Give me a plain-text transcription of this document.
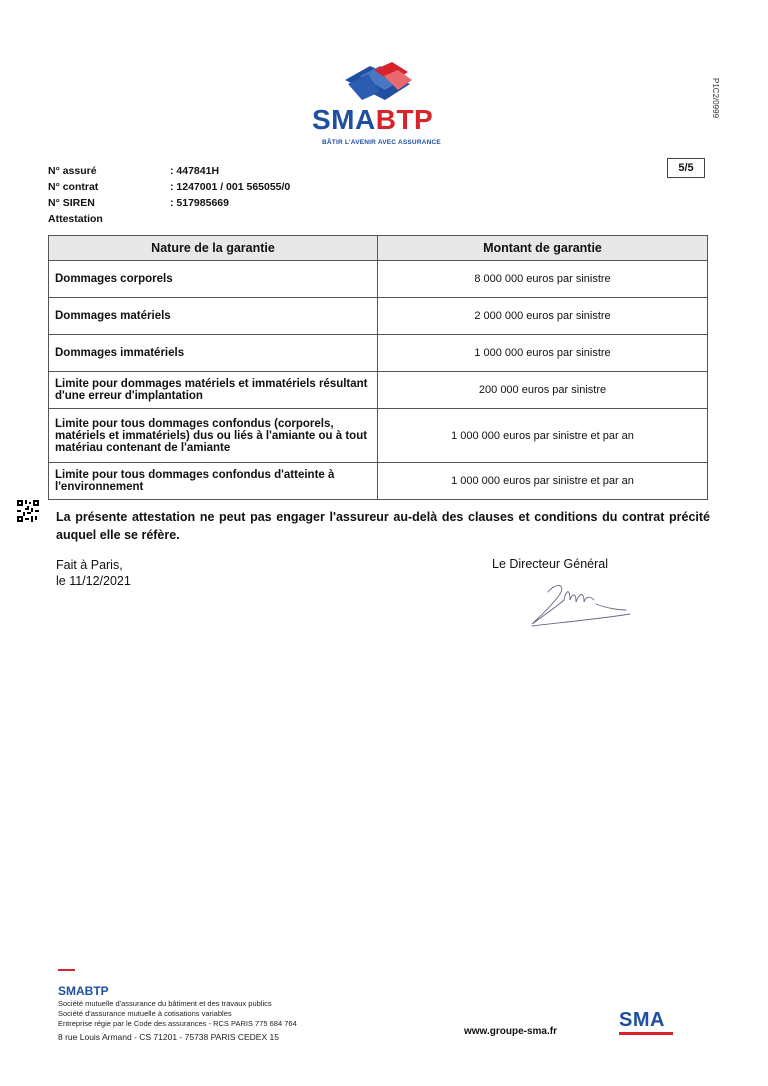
SMABTP
BÂTIR L'AVENIR AVEC ASSURANCE
P1C2/0999
N° assuré	: 447841H
N° contrat	: 1247001 / 001 565055/0
N° SIREN	: 517985669
Attestation
5/5
Nature de la garantie	Montant de garantie
Dommages corporels	8 000 000 euros par sinistre
Dommages matériels	2 000 000 euros par sinistre
Dommages immatériels	1 000 000 euros par sinistre
Limite pour dommages matériels et immatériels résultant d'une erreur d'implantation	200 000 euros par sinistre
Limite pour tous dommages confondus (corporels, matériels et immatériels) dus ou liés à l'amiante ou à tout matériau contenant de l'amiante	1 000 000 euros par sinistre et par an
Limite pour tous dommages confondus d'atteinte à l'environnement	1 000 000 euros par sinistre et par an
La présente attestation ne peut pas engager l'assureur au-delà des clauses et conditions du contrat précité auquel elle se réfère.
Fait à Paris,
le 11/12/2021
Le Directeur Général
SMABTP
Société mutuelle d'assurance du bâtiment et des travaux publics
Société d'assurance mutuelle à cotisations variables
Entreprise régie par le Code des assurances - RCS PARIS 775 684 764
8 rue Louis Armand - CS 71201 - 75738 PARIS CEDEX 15	www.groupe-sma.fr
SMA
